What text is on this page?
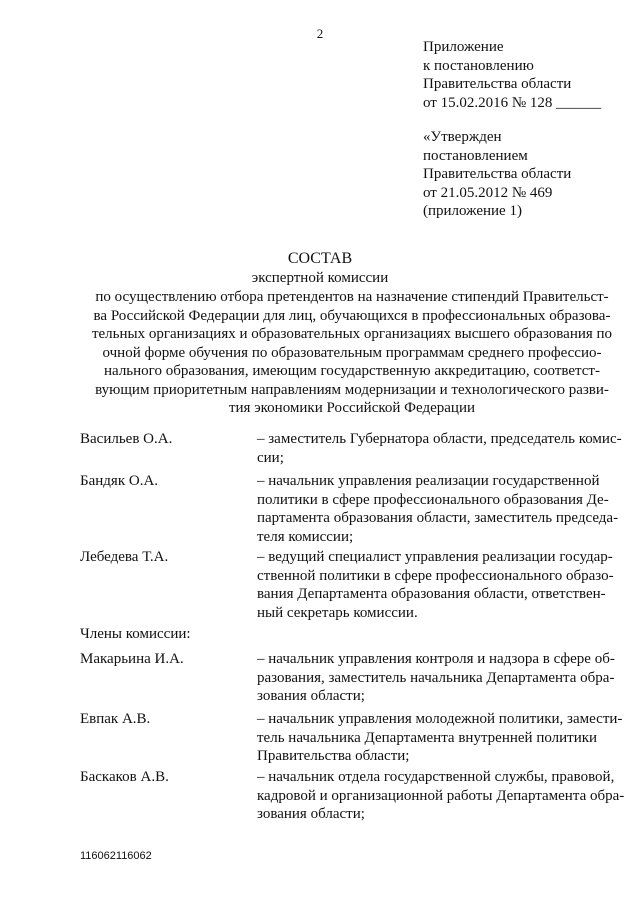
2
Приложение
к постановлению
Правительства области
от 15.02.2016 № 128 ______
«Утвержден
постановлением
Правительства области
от 21.05.2012 № 469
(приложение 1)
СОСТАВ
экспертной комиссии
по осуществлению отбора претендентов на назначение стипендий Правительст-
ва Российской Федерации для лиц, обучающихся в профессиональных образова-
тельных организациях и образовательных организациях высшего образования по
очной форме обучения по образовательным программам среднего профессио-
нального образования, имеющим государственную аккредитацию, соответст-
вующим приоритетным направлениям модернизации и технологического разви-
тия экономики Российской Федерации
Васильев О.А.	– заместитель Губернатора области, председатель комис-
сии;
Бандяк О.А.	– начальник управления реализации государственной
политики в сфере профессионального образования Де-
партамента образования области, заместитель председа-
теля комиссии;
Лебедева Т.А.	– ведущий специалист управления реализации государ-
ственной политики в сфере профессионального образо-
вания Департамента образования области, ответствен-
ный секретарь комиссии.
Члены комиссии:
Макарьина И.А.	– начальник управления контроля и надзора в сфере об-
разования, заместитель начальника Департамента обра-
зования области;
Евпак А.В.	– начальник управления молодежной политики, замести-
тель начальника Департамента внутренней политики
Правительства области;
Баскаков А.В.	– начальник отдела государственной службы, правовой,
кадровой и организационной работы Департамента обра-
зования области;
116062116062
